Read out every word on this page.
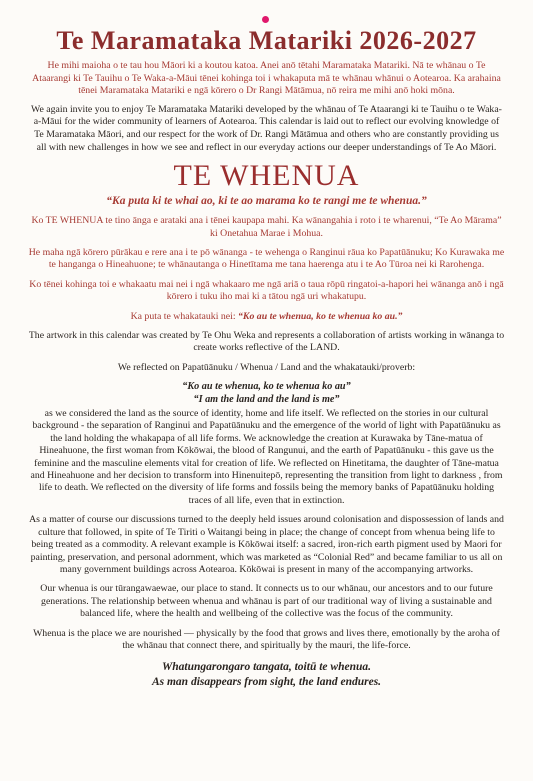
Te Maramataka Matariki 2026-2027

He mihi maioha o te tau hou Māori ki a koutou katoa. Anei anō tētahi Maramataka Matariki. Nā te whānau o Te Ataarangi ki Te Tauihu o Te Waka-a-Māui tēnei kohinga toi i whakaputa mā te whānau whānui o Aotearoa. Ka arahaina tēnei Maramataka Matariki e ngā kōrero o Dr Rangi Mātāmua, nō reira me mihi anō hoki mōna.

We again invite you to enjoy Te Maramataka Matariki developed by the whānau of Te Ataarangi ki te Tauihu o te Waka-a-Māui for the wider community of learners of Aotearoa. This calendar is laid out to reflect our evolving knowledge of Te Maramataka Māori, and our respect for the work of Dr. Rangi Mātāmua and others who are constantly providing us all with new challenges in how we see and reflect in our everyday actions our deeper understandings of Te Ao Māori.

TE WHENUA

“Ka puta ki te whai ao, ki te ao marama ko te rangi me te whenua.”

Ko TE WHENUA te tino ānga e arataki ana i tēnei kaupapa mahi. Ka wānangahia i roto i te wharenui, “Te Ao Mārama” ki Onetahua Marae i Mohua.

He maha ngā kōrero pūrākau e rere ana i te pō wānanga - te wehenga o Ranginui rāua ko Papatūānuku; Ko Kurawaka me te hanganga o Hineahuone; te whānautanga o Hinetītama me tana haerenga atu i te Ao Tūroa nei ki Rarohenga.

Ko tēnei kohinga toi e whakaatu mai nei i ngā whakaaro me ngā ariā o taua rōpū ringatoi-a-hapori hei wānanga anō i ngā kōrero i tuku iho mai ki a tātou ngā uri whakatupu.

Ka puta te whakatauki nei: “Ko au te whenua, ko te whenua ko au.”

The artwork in this calendar was created by Te Ohu Weka and represents a collaboration of artists working in wānanga to create works reflective of the LAND.

We reflected on Papatūānuku / Whenua / Land and the whakatauki/proverb:

“Ko au te whenua, ko te whenua ko au”
“I am the land and the land is me”

as we considered the land as the source of identity, home and life itself. We reflected on the stories in our cultural background - the separation of Ranginui and Papatūānuku and the emergence of the world of light with Papatūānuku as the land holding the whakapapa of all life forms. We acknowledge the creation at Kurawaka by Tāne-matua of Hineahuone, the first woman from Kōkōwai, the blood of Rangunui, and the earth of Papatūānuku - this gave us the feminine and the masculine elements vital for creation of life. We reflected on Hinetitama, the daughter of Tāne-matua and Hineahuone and her decision to transform into Hinenuitepō, representing the transition from light to darkness , from life to death. We reflected on the diversity of life forms and fossils being the memory banks of Papatūānuku holding traces of all life, even that in extinction.

As a matter of course our discussions turned to the deeply held issues around colonisation and dispossession of lands and culture that followed, in spite of Te Tiriti o Waitangi being in place; the change of concept from whenua being life to being treated as a commodity. A relevant example is Kōkōwai itself: a sacred, iron-rich earth pigment used by Maori for painting, preservation, and personal adornment, which was marketed as “Colonial Red” and became familiar to us all on many government buildings across Aotearoa. Kōkōwai is present in many of the accompanying artworks.

Our whenua is our tūrangawaewae, our place to stand. It connects us to our whānau, our ancestors and to our future generations. The relationship between whenua and whānau is part of our traditional way of living a sustainable and balanced life, where the health and wellbeing of the collective was the focus of the community.

Whenua is the place we are nourished — physically by the food that grows and lives there, emotionally by the aroha of the whānau that connect there, and spiritually by the mauri, the life-force.

Whatungarongaro tangata, toitū te whenua.
As man disappears from sight, the land endures.
